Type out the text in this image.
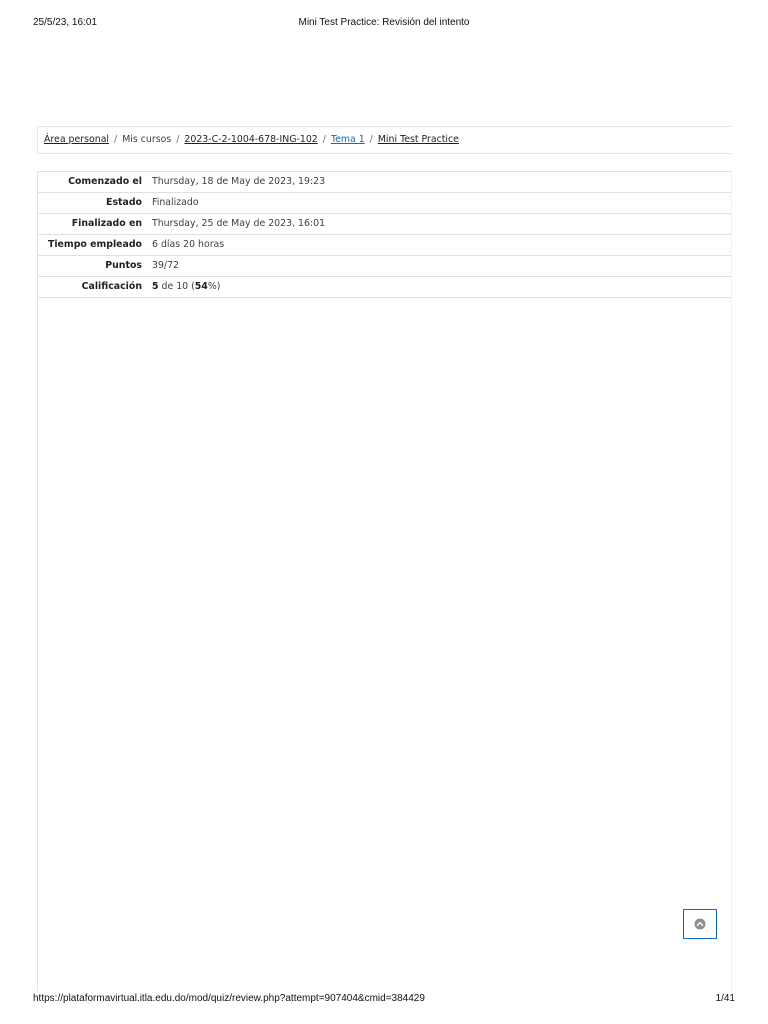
25/5/23, 16:01	Mini Test Practice: Revisión del intento
Área personal / Mis cursos / 2023-C-2-1004-678-ING-102 / Tema 1 / Mini Test Practice
Comenzado el	Thursday, 18 de May de 2023, 19:23
Estado	Finalizado
Finalizado en	Thursday, 25 de May de 2023, 16:01
Tiempo empleado	6 días 20 horas
Puntos	39/72
Calificación	5 de 10 (54%)
https://plataformavirtual.itla.edu.do/mod/quiz/review.php?attempt=907404&cmid=384429	1/41
